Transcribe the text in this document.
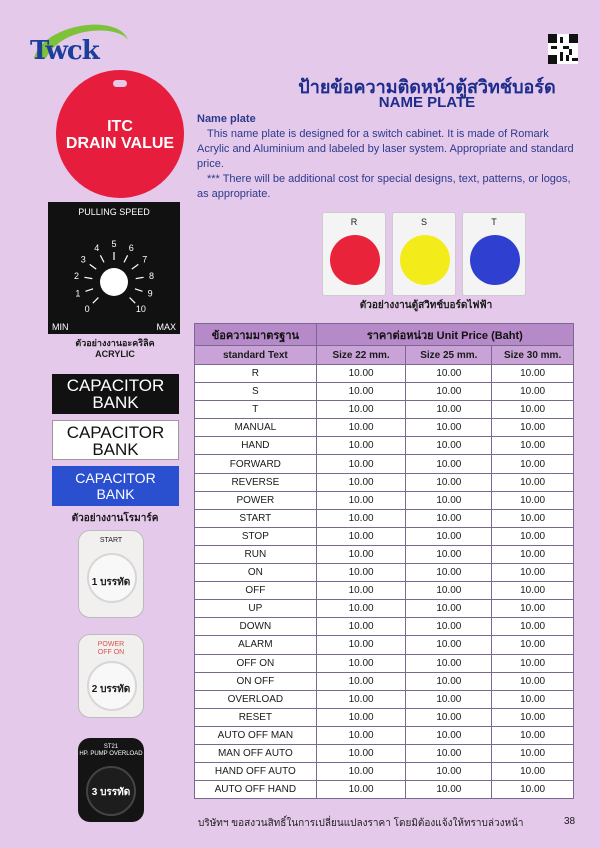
Twck
ป้ายข้อความติดหน้าตู้สวิทช์บอร์ด
NAME PLATE
ITC
DRAIN VALUE
Name plate

This name plate is designed for a switch cabinet. It is made of Romark Acrylic and Aluminium and labeled by laser system. Appropriate and standard price.

*** There will be additional cost for special designs, text, patterns, or logos, as appropriate.

PULLING SPEED
MIN	MAX
0
1
2
3
4 5 6
7
8
9
10
ตัวอย่างงานอะคริลิค
ACRYLIC
CAPACITOR
BANK
CAPACITOR
BANK
CAPACITOR
BANK
ตัวอย่างงานโรมาร์ค
START
1 บรรทัด
POWER
OFF ON
2 บรรทัด
ST21
HP. PUMP OVERLOAD
3 บรรทัด
R	S	T
ตัวอย่างงานตู้สวิทช์บอร์ดไฟฟ้า
ข้อความมาตรฐาน	ราคาต่อหน่วย Unit Price (Baht)		
standard Text	Size 22 mm.	Size 25 mm.	Size 30 mm.
R	10.00	10.00	10.00
S	10.00	10.00	10.00
T	10.00	10.00	10.00
MANUAL	10.00	10.00	10.00
HAND	10.00	10.00	10.00
FORWARD	10.00	10.00	10.00
REVERSE	10.00	10.00	10.00
POWER	10.00	10.00	10.00
START	10.00	10.00	10.00
STOP	10.00	10.00	10.00
RUN	10.00	10.00	10.00
ON	10.00	10.00	10.00
OFF	10.00	10.00	10.00
UP	10.00	10.00	10.00
DOWN	10.00	10.00	10.00
ALARM	10.00	10.00	10.00
OFF ON	10.00	10.00	10.00
ON OFF	10.00	10.00	10.00
OVERLOAD	10.00	10.00	10.00
RESET	10.00	10.00	10.00
AUTO OFF MAN	10.00	10.00	10.00
MAN OFF AUTO	10.00	10.00	10.00
HAND OFF AUTO	10.00	10.00	10.00
AUTO OFF HAND	10.00	10.00	10.00
บริษัทฯ ขอสงวนสิทธิ์ในการเปลี่ยนแปลงราคา โดยมิต้องแจ้งให้ทราบล่วงหน้า	38
